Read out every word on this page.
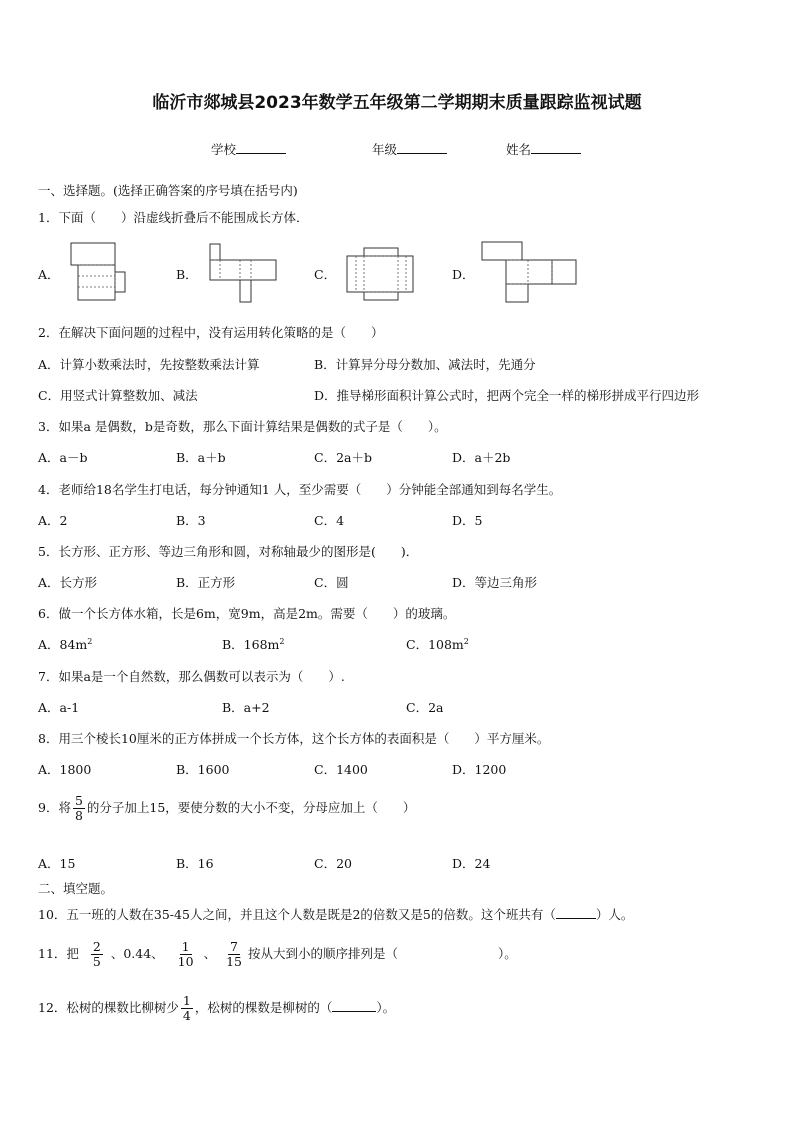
临沂市郯城县2023年数学五年级第二学期期末质量跟踪监视试题
学校	年级	姓名
一、选择题。(选择正确答案的序号填在括号内)
1．下面（　　）沿虚线折叠后不能围成长方体．
A．	B．	C．	D．
2．在解决下面问题的过程中，没有运用转化策略的是（　　）
A．计算小数乘法时，先按整数乘法计算	B．计算异分母分数加、减法时，先通分
C．用竖式计算整数加、减法	D．推导梯形面积计算公式时，把两个完全一样的梯形拼成平行四边形
3．如果a 是偶数，b是奇数，那么下面计算结果是偶数的式子是（　　）。
A．a－b	B．a＋b	C．2a＋b	D．a＋2b
4．老师给18名学生打电话，每分钟通知1 人，至少需要（　　）分钟能全部通知到每名学生。
A．2	B．3	C．4	D．5
5．长方形、正方形、等边三角形和圆，对称轴最少的图形是(　　)．
A．长方形	B．正方形	C．圆	D．等边三角形
6．做一个长方体水箱，长是6m，宽9m，高是2m。需要（　　）的玻璃。
A．$84m^2$	B．$168m^2$	C．$108m^2$
7．如果a是一个自然数，那么偶数可以表示为（　　）.
A．a-1	B．a+2	C．2a
8．用三个棱长10厘米的正方体拼成一个长方体，这个长方体的表面积是（　　）平方厘米。
A．1800	B．1600	C．1400	D．1200
9．将 $\frac{5}{8}$ 的分子加上15，要使分数的大小不变，分母应加上（　　）
A．15	B．16	C．20	D．24
二、填空题。
10．五一班的人数在35-45人之间，并且这个人数是既是2的倍数又是5的倍数。这个班共有（	）人。
11．把 $\frac{2}{5}$ 、0.44、 $\frac{1}{10}$ 、 $\frac{7}{15}$ 按从大到小的顺序排列是（　　　　　　　　）。
12．松树的棵数比柳树少 $\frac{1}{4}$ ，松树的棵数是柳树的（	）。
